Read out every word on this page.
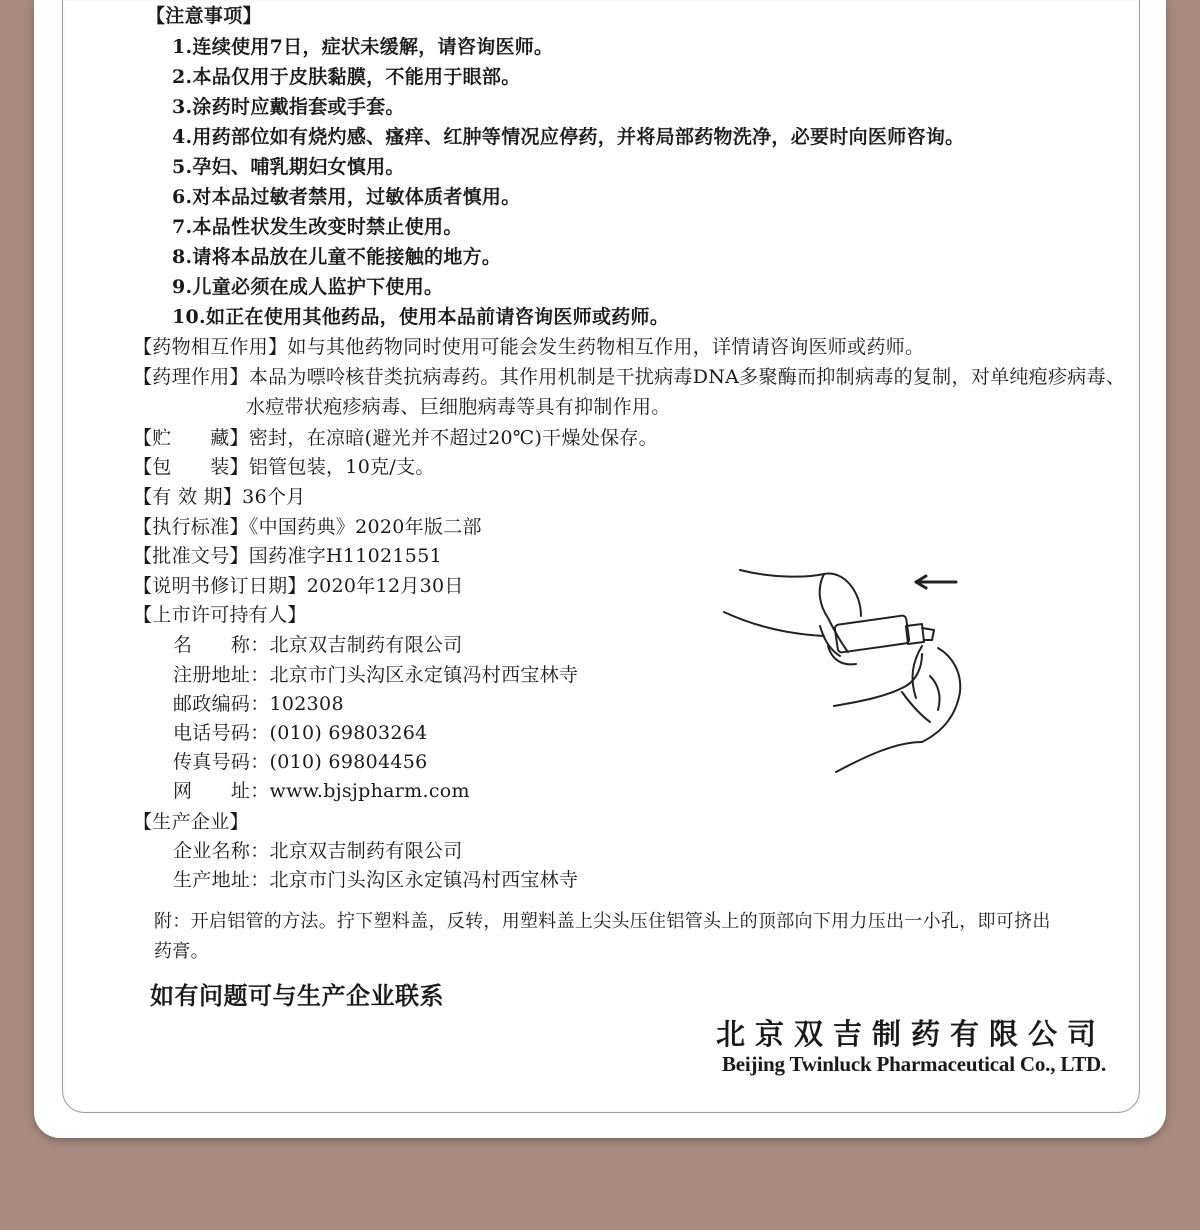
【注意事项】
1.连续使用7日，症状未缓解，请咨询医师。
2.本品仅用于皮肤黏膜，不能用于眼部。
3.涂药时应戴指套或手套。
4.用药部位如有烧灼感、瘙痒、红肿等情况应停药，并将局部药物洗净，必要时向医师咨询。
5.孕妇、哺乳期妇女慎用。
6.对本品过敏者禁用，过敏体质者慎用。
7.本品性状发生改变时禁止使用。
8.请将本品放在儿童不能接触的地方。
9.儿童必须在成人监护下使用。
10.如正在使用其他药品，使用本品前请咨询医师或药师。
【药物相互作用】如与其他药物同时使用可能会发生药物相互作用，详情请咨询医师或药师。
【药理作用】本品为嘌呤核苷类抗病毒药。其作用机制是干扰病毒DNA多聚酶而抑制病毒的复制，对单纯疱疹病毒、
水痘带状疱疹病毒、巨细胞病毒等具有抑制作用。
【贮　　藏】密封，在凉暗(避光并不超过20℃)干燥处保存。
【包　　装】铝管包装，10克/支。
【有 效 期】36个月
【执行标准】《中国药典》2020年版二部
【批准文号】国药准字H11021551
【说明书修订日期】2020年12月30日
【上市许可持有人】
名　　称：北京双吉制药有限公司
注册地址：北京市门头沟区永定镇冯村西宝林寺
邮政编码：102308
电话号码：(010) 69803264
传真号码：(010) 69804456
网　　址：www.bjsjpharm.com
【生产企业】
企业名称：北京双吉制药有限公司
生产地址：北京市门头沟区永定镇冯村西宝林寺
附：开启铝管的方法。拧下塑料盖，反转，用塑料盖上尖头压住铝管头上的顶部向下用力压出一小孔，即可挤出
药膏。
如有问题可与生产企业联系
北京双吉制药有限公司
Beijing Twinluck Pharmaceutical Co., LTD.
